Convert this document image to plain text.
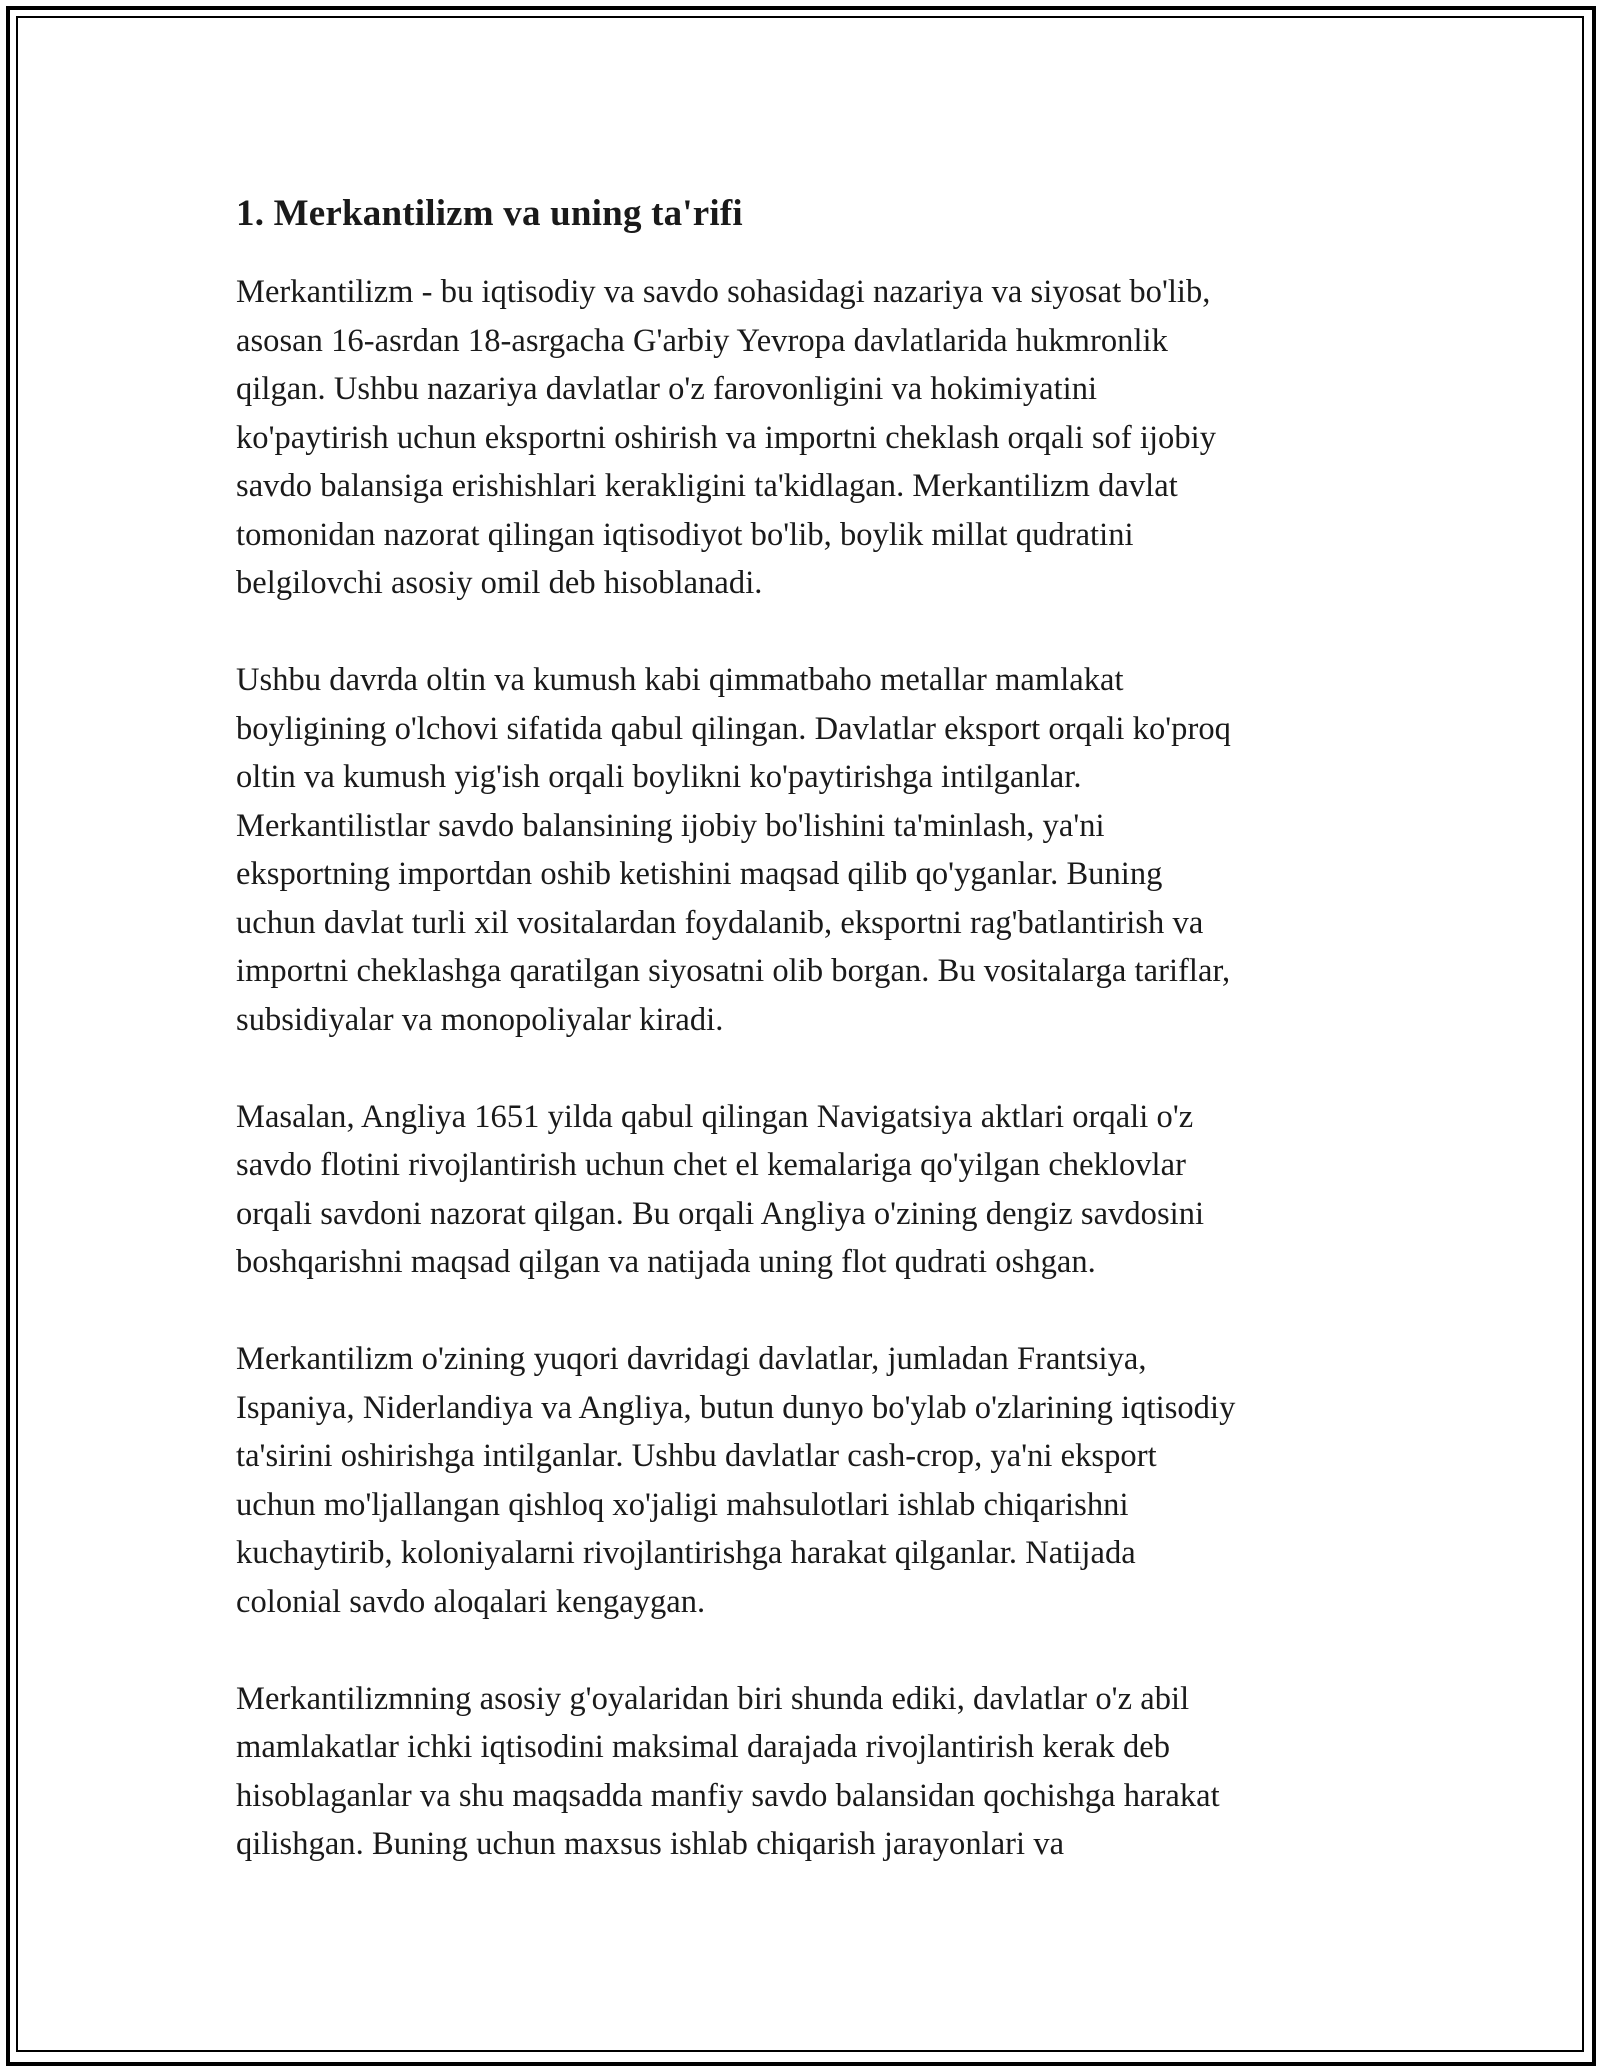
1. Merkantilizm va uning ta'rifi

Merkantilizm - bu iqtisodiy va savdo sohasidagi nazariya va siyosat bo'lib,
asosan 16-asrdan 18-asrgacha G'arbiy Yevropa davlatlarida hukmronlik
qilgan. Ushbu nazariya davlatlar o'z farovonligini va hokimiyatini
ko'paytirish uchun eksportni oshirish va importni cheklash orqali sof ijobiy
savdo balansiga erishishlari kerakligini ta'kidlagan. Merkantilizm davlat
tomonidan nazorat qilingan iqtisodiyot bo'lib, boylik millat qudratini
belgilovchi asosiy omil deb hisoblanadi.

Ushbu davrda oltin va kumush kabi qimmatbaho metallar mamlakat
boyligining o'lchovi sifatida qabul qilingan. Davlatlar eksport orqali ko'proq
oltin va kumush yig'ish orqali boylikni ko'paytirishga intilganlar.
Merkantilistlar savdo balansining ijobiy bo'lishini ta'minlash, ya'ni
eksportning importdan oshib ketishini maqsad qilib qo'yganlar. Buning
uchun davlat turli xil vositalardan foydalanib, eksportni rag'batlantirish va
importni cheklashga qaratilgan siyosatni olib borgan. Bu vositalarga tariflar,
subsidiyalar va monopoliyalar kiradi.

Masalan, Angliya 1651 yilda qabul qilingan Navigatsiya aktlari orqali o'z
savdo flotini rivojlantirish uchun chet el kemalariga qo'yilgan cheklovlar
orqali savdoni nazorat qilgan. Bu orqali Angliya o'zining dengiz savdosini
boshqarishni maqsad qilgan va natijada uning flot qudrati oshgan.

Merkantilizm o'zining yuqori davridagi davlatlar, jumladan Frantsiya,
Ispaniya, Niderlandiya va Angliya, butun dunyo bo'ylab o'zlarining iqtisodiy
ta'sirini oshirishga intilganlar. Ushbu davlatlar cash-crop, ya'ni eksport
uchun mo'ljallangan qishloq xo'jaligi mahsulotlari ishlab chiqarishni
kuchaytirib, koloniyalarni rivojlantirishga harakat qilganlar. Natijada
colonial savdo aloqalari kengaygan.

Merkantilizmning asosiy g'oyalaridan biri shunda ediki, davlatlar o'z abil
mamlakatlar ichki iqtisodini maksimal darajada rivojlantirish kerak deb
hisoblaganlar va shu maqsadda manfiy savdo balansidan qochishga harakat
qilishgan. Buning uchun maxsus ishlab chiqarish jarayonlari va
